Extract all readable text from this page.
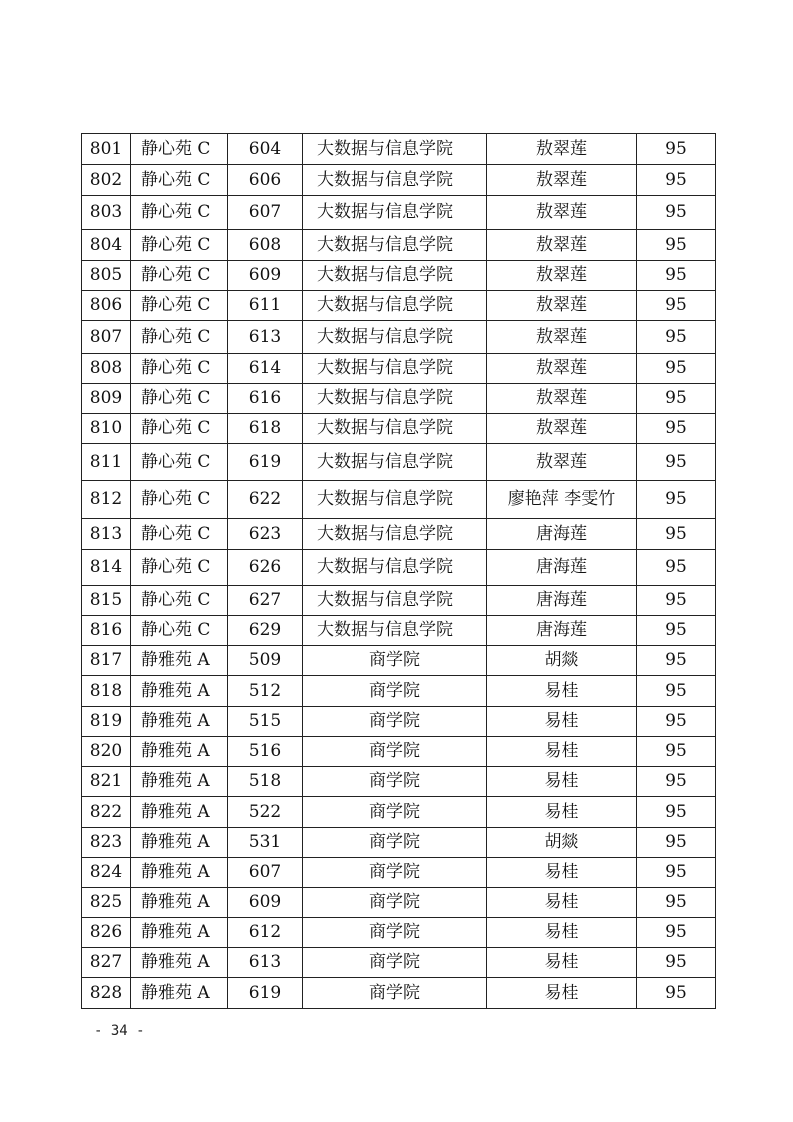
801	静心苑 C	604	大数据与信息学院	敖翠莲	95
802	静心苑 C	606	大数据与信息学院	敖翠莲	95
803	静心苑 C	607	大数据与信息学院	敖翠莲	95
804	静心苑 C	608	大数据与信息学院	敖翠莲	95
805	静心苑 C	609	大数据与信息学院	敖翠莲	95
806	静心苑 C	611	大数据与信息学院	敖翠莲	95
807	静心苑 C	613	大数据与信息学院	敖翠莲	95
808	静心苑 C	614	大数据与信息学院	敖翠莲	95
809	静心苑 C	616	大数据与信息学院	敖翠莲	95
810	静心苑 C	618	大数据与信息学院	敖翠莲	95
811	静心苑 C	619	大数据与信息学院	敖翠莲	95
812	静心苑 C	622	大数据与信息学院	廖艳萍 李雯竹	95
813	静心苑 C	623	大数据与信息学院	唐海莲	95
814	静心苑 C	626	大数据与信息学院	唐海莲	95
815	静心苑 C	627	大数据与信息学院	唐海莲	95
816	静心苑 C	629	大数据与信息学院	唐海莲	95
817	静雅苑 A	509	商学院	胡燚	95
818	静雅苑 A	512	商学院	易桂	95
819	静雅苑 A	515	商学院	易桂	95
820	静雅苑 A	516	商学院	易桂	95
821	静雅苑 A	518	商学院	易桂	95
822	静雅苑 A	522	商学院	易桂	95
823	静雅苑 A	531	商学院	胡燚	95
824	静雅苑 A	607	商学院	易桂	95
825	静雅苑 A	609	商学院	易桂	95
826	静雅苑 A	612	商学院	易桂	95
827	静雅苑 A	613	商学院	易桂	95
828	静雅苑 A	619	商学院	易桂	95
- 34 -
